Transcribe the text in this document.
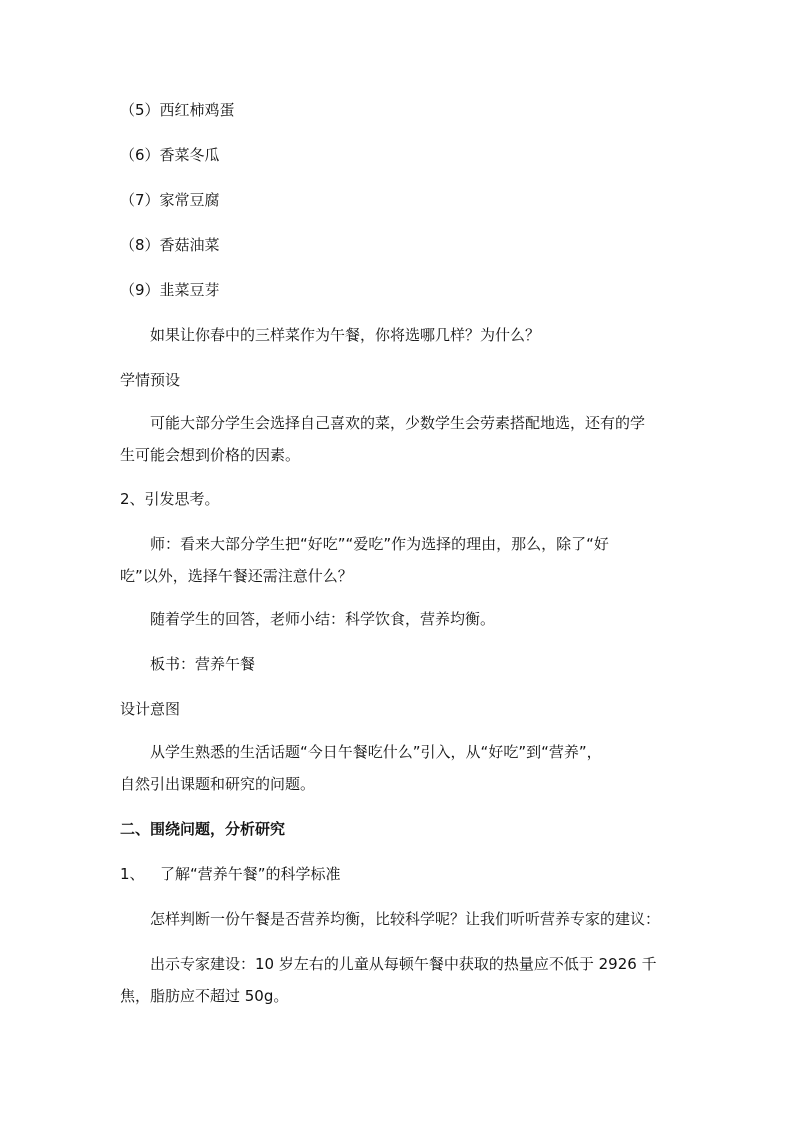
（5）西红柿鸡蛋
（6）香菜冬瓜
（7）家常豆腐
（8）香菇油菜
（9）韭菜豆芽
如果让你春中的三样菜作为午餐，你将选哪几样？为什么？
学情预设
可能大部分学生会选择自己喜欢的菜，少数学生会劳素搭配地选，还有的学
生可能会想到价格的因素。
2、引发思考。
师：看来大部分学生把“好吃”“爱吃”作为选择的理由，那么，除了“好
吃”以外，选择午餐还需注意什么？
随着学生的回答，老师小结：科学饮食，营养均衡。
板书：营养午餐
设计意图
从学生熟悉的生活话题“今日午餐吃什么”引入，从“好吃”到“营养”，
自然引出课题和研究的问题。
二、围绕问题，分析研究
1、 了解“营养午餐”的科学标准
怎样判断一份午餐是否营养均衡，比较科学呢？让我们听听营养专家的建议：
出示专家建设：10 岁左右的儿童从每顿午餐中获取的热量应不低于 2926 千
焦，脂肪应不超过 50g。
